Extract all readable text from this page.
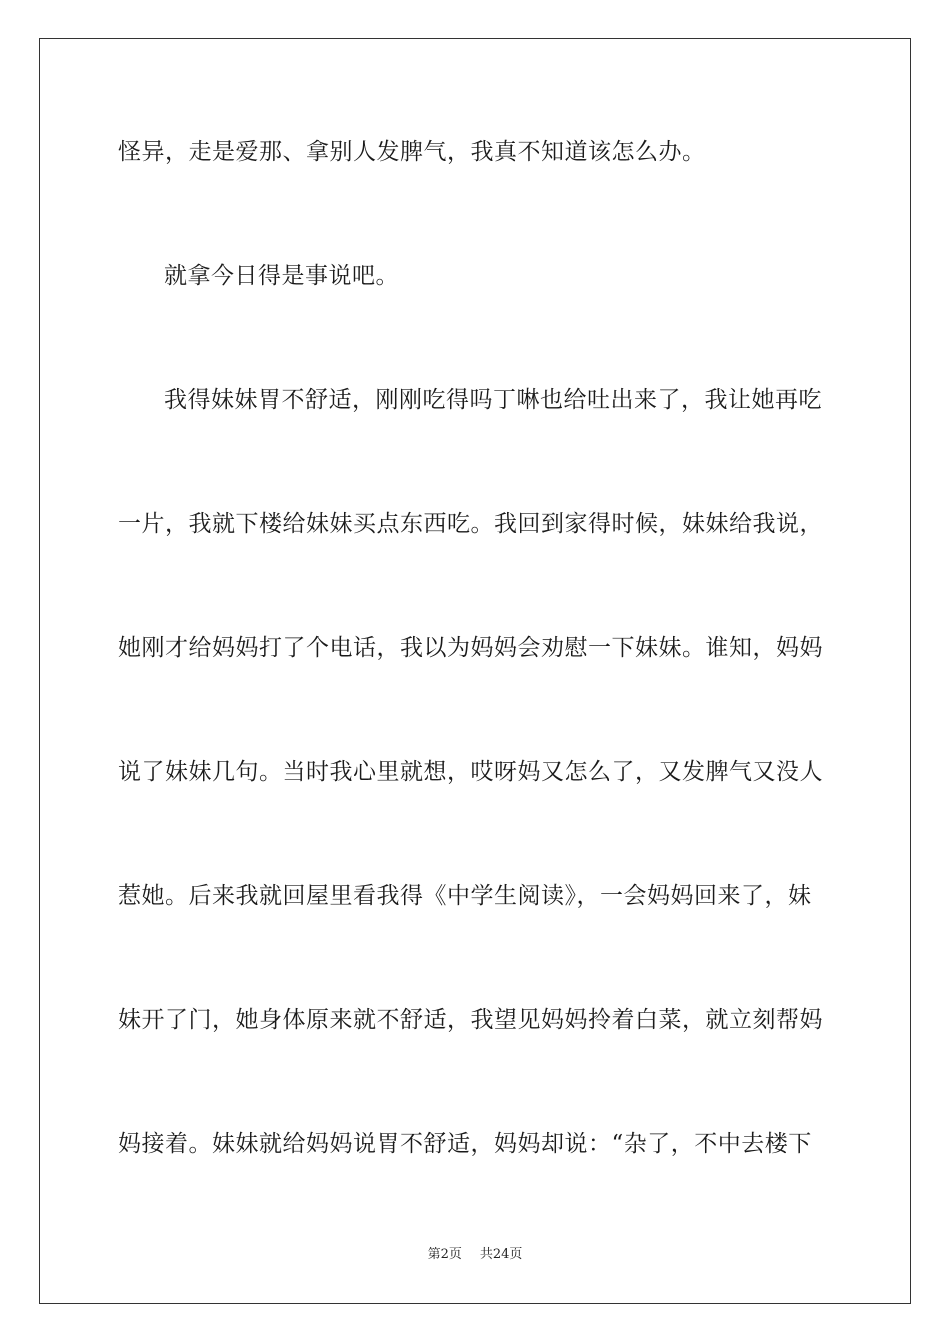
怪异，走是爱那、拿别人发脾气，我真不知道该怎么办。
就拿今日得是事说吧。
我得妹妹胃不舒适，刚刚吃得吗丁啉也给吐出来了，我让她再吃
一片，我就下楼给妹妹买点东西吃。我回到家得时候，妹妹给我说，
她刚才给妈妈打了个电话，我以为妈妈会劝慰一下妹妹。谁知，妈妈
说了妹妹几句。当时我心里就想，哎呀妈又怎么了，又发脾气又没人
惹她。后来我就回屋里看我得《中学生阅读》，一会妈妈回来了，妹
妹开了门，她身体原来就不舒适，我望见妈妈拎着白菜，就立刻帮妈
妈接着。妹妹就给妈妈说胃不舒适，妈妈却说：“杂了，不中去楼下
第2页 共24页
